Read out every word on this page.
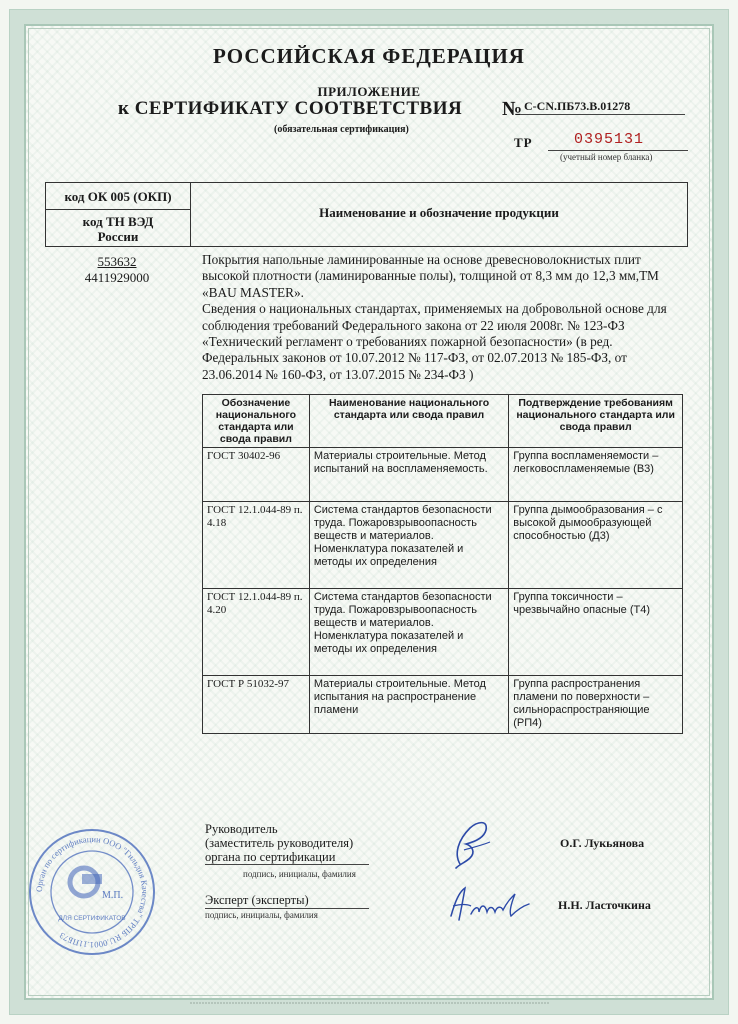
РОССИЙСКАЯ ФЕДЕРАЦИЯ
ПРИЛОЖЕНИЕ
к СЕРТИФИКАТУ СООТВЕТСТВИЯ № C-CN.ПБ73.В.01278
(обязательная сертификация)
ТР	0395131
(учетный номер бланка)
код ОК 005 (ОКП)
код ТН ВЭД
России
Наименование и обозначение продукции
553632
4411929000
Покрытия напольные ламинированные на основе древесноволокнистых плит высокой плотности (ламинированные полы), толщиной от 8,3 мм до 12,3 мм,ТМ «BAU MASTER».
Сведения о национальных стандартах, применяемых на добровольной основе для соблюдения требований Федерального закона от 22 июля 2008г. № 123-ФЗ «Технический регламент о требованиях пожарной безопасности» (в ред. Федеральных законов от 10.07.2012 № 117-ФЗ, от 02.07.2013 № 185-ФЗ, от 23.06.2014 № 160-ФЗ, от 13.07.2015 № 234-ФЗ )
Обозначение национального стандарта или свода правил	Наименование национального стандарта или свода правил	Подтверждение требованиям национального стандарта или свода правил
ГОСТ 30402-96	Материалы строительные. Метод испытаний на воспламеняемость.	Группа воспламеняемости – легковоспламеняемые (В3)
ГОСТ 12.1.044-89 п. 4.18	Система стандартов безопасности труда. Пожаровзрывоопасность веществ и материалов. Номенклатура показателей и методы их определения	Группа дымообразования – с высокой дымообразующей способностью (Д3)
ГОСТ 12.1.044-89 п. 4.20	Система стандартов безопасности труда. Пожаровзрывоопасность веществ и материалов. Номенклатура показателей и методы их определения	Группа токсичности – чрезвычайно опасные (Т4)
ГОСТ Р 51032-97	Материалы строительные. Метод испытания на распространение пламени	Группа распространения пламени по поверхности – сильнораспространяющие (РП4)
Руководитель
(заместитель руководителя)
органа по сертификации
подпись, инициалы, фамилия
О.Г. Лукьянова
Эксперт (эксперты)
подпись, инициалы, фамилия
Н.Н. Ласточкина
Орган по сертификации ООО "Гильдия Качества" ТРПБ RU.0001.11ПБ73
М.П.
ДЛЯ СЕРТИФИКАТОВ
